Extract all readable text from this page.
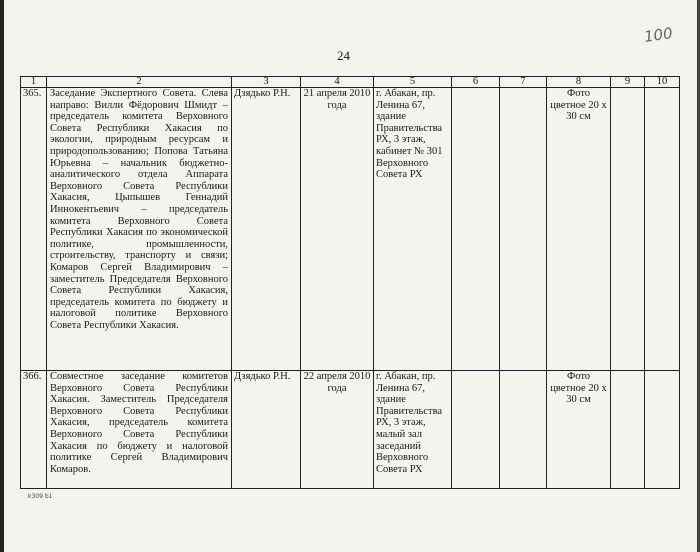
100
24
1	2	3	4	5	6	7	8	9	10
365.	Заседание Экспертного Совета. Слева направо: Вилли Фёдорович Шмидт – председатель комитета Верховного Совета Республики Хакасия по экологии, природным ресурсам и природопользованию; Попова Татьяна Юрьевна – начальник бюджетно-аналитического отдела Аппарата Верховного Совета Республики Хакасия, Цыпышев Геннадий Иннокентьевич – председатель комитета Верховного Совета Республики Хакасия по экономической политике, промышленности, строительству, транспорту и связи; Комаров Сергей Владимирович – заместитель Председателя Верховного Совета Республики Хакасия, председатель комитета по бюджету и налоговой политике Верховного Совета Республики Хакасия.	Дзядько Р.Н.	21 апреля 2010 года	г. Абакан, пр. Ленина 67, здание Правительства РХ, 3 этаж, кабинет № 301 Верховного Совета РХ			Фото цветное 20 х 30 см		
366.	Совместное заседание комитетов Верховного Совета Республики Хакасия. Заместитель Председателя Верховного Совета Республики Хакасия, председатель комитета Верховного Совета Республики Хакасия по бюджету и налоговой политике Сергей Владимирович Комаров.	Дзядько Р.Н.	22 апреля 2010 года	г. Абакан, пр. Ленина 67, здание Правительства РХ, 3 этаж, малый зал заседаний Верховного Совета РХ			Фото цветное 20 х 30 см		
k309 b1
